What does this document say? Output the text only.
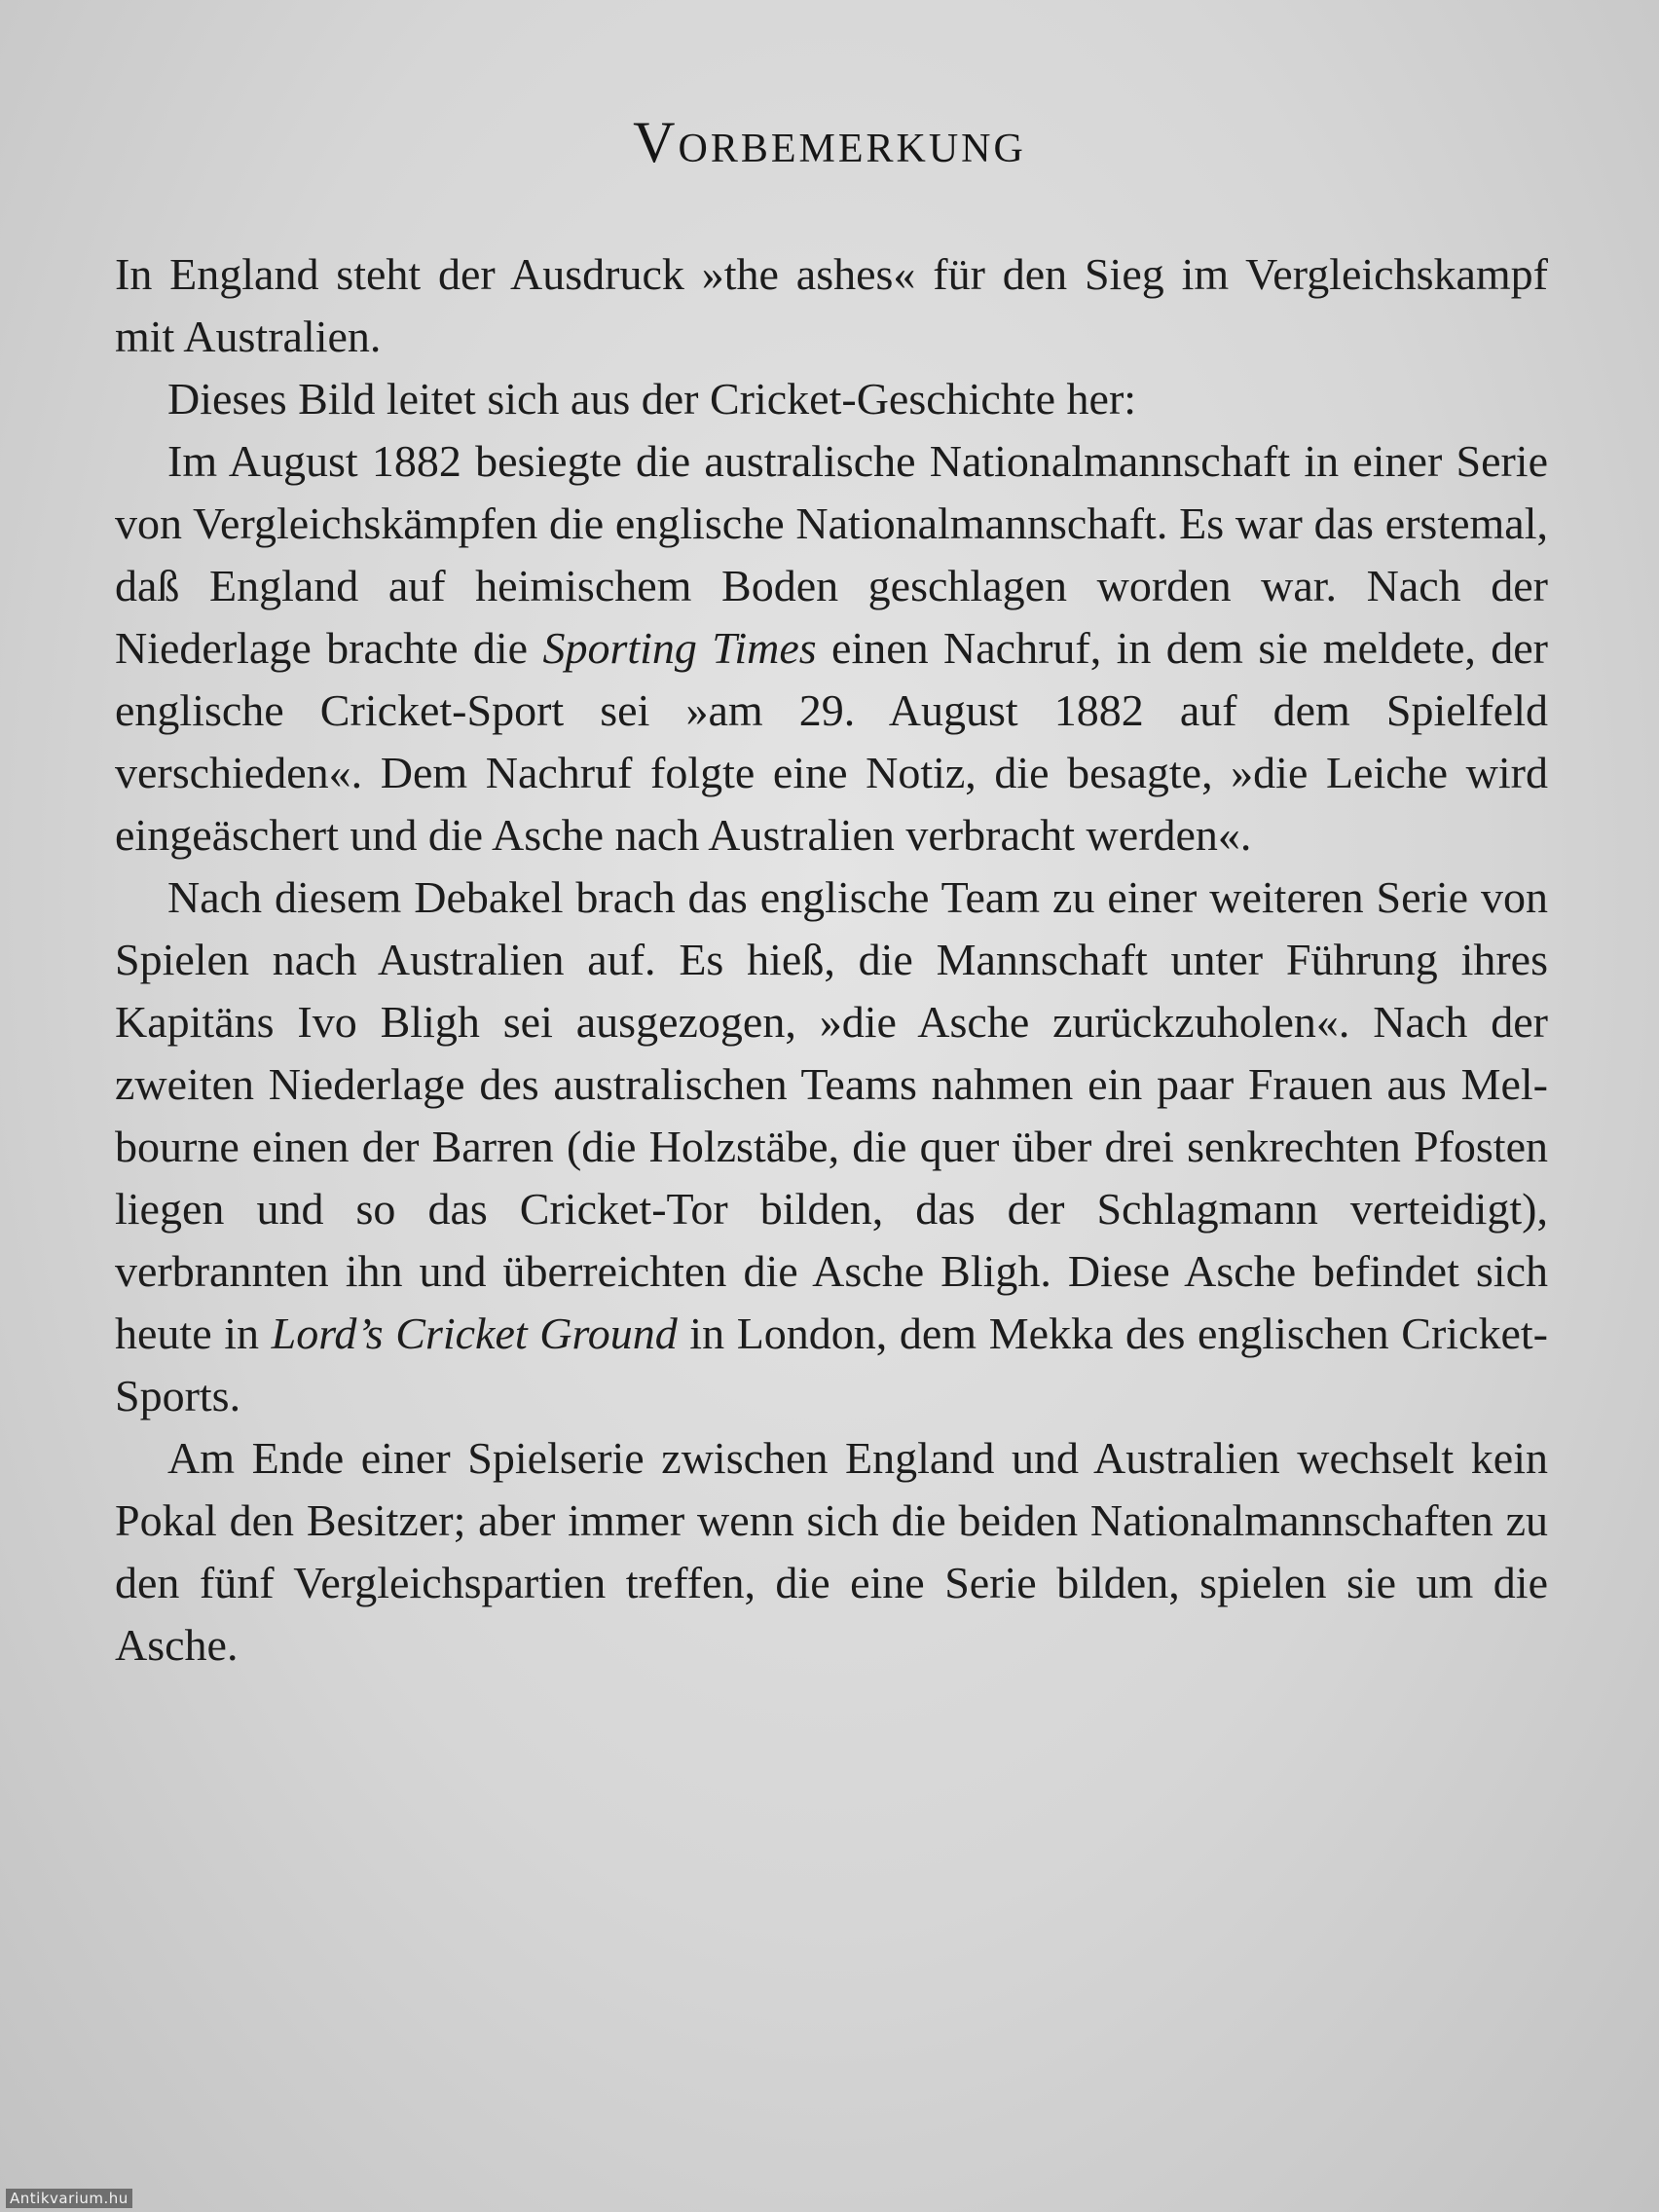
Vorbemerkung

In England steht der Ausdruck »the ashes« für den Sieg im Vergleichskampf mit Australien.

Dieses Bild leitet sich aus der Cricket-Geschichte her:

Im August 1882 besiegte die australische Nationalmannschaft in einer Serie von Vergleichskämpfen die englische Nationalmannschaft. Es war das erstemal, daß England auf heimischem Boden geschlagen worden war. Nach der Niederlage brachte die Sporting Times einen Nachruf, in dem sie meldete, der englische Cricket-Sport sei »am 29. August 1882 auf dem Spielfeld verschieden«. Dem Nachruf folgte eine Notiz, die besagte, »die Leiche wird eingeäschert und die Asche nach Australien verbracht werden«.

Nach diesem Debakel brach das englische Team zu einer weiteren Serie von Spielen nach Australien auf. Es hieß, die Mannschaft unter Führung ihres Kapitäns Ivo Bligh sei ausgezogen, »die Asche zurückzuholen«. Nach der zweiten Niederlage des australischen Teams nahmen ein paar Frauen aus Melbourne einen der Barren (die Holzstäbe, die quer über drei senkrechten Pfosten liegen und so das Cricket-Tor bilden, das der Schlagmann verteidigt), verbrannten ihn und überreichten die Asche Bligh. Diese Asche befindet sich heute in Lord’s Cricket Ground in London, dem Mekka des englischen Cricket-Sports.

Am Ende einer Spielserie zwischen England und Australien wechselt kein Pokal den Besitzer; aber immer wenn sich die beiden Nationalmannschaften zu den fünf Vergleichspartien treffen, die eine Serie bilden, spielen sie um die Asche.

Antikvarium.hu
